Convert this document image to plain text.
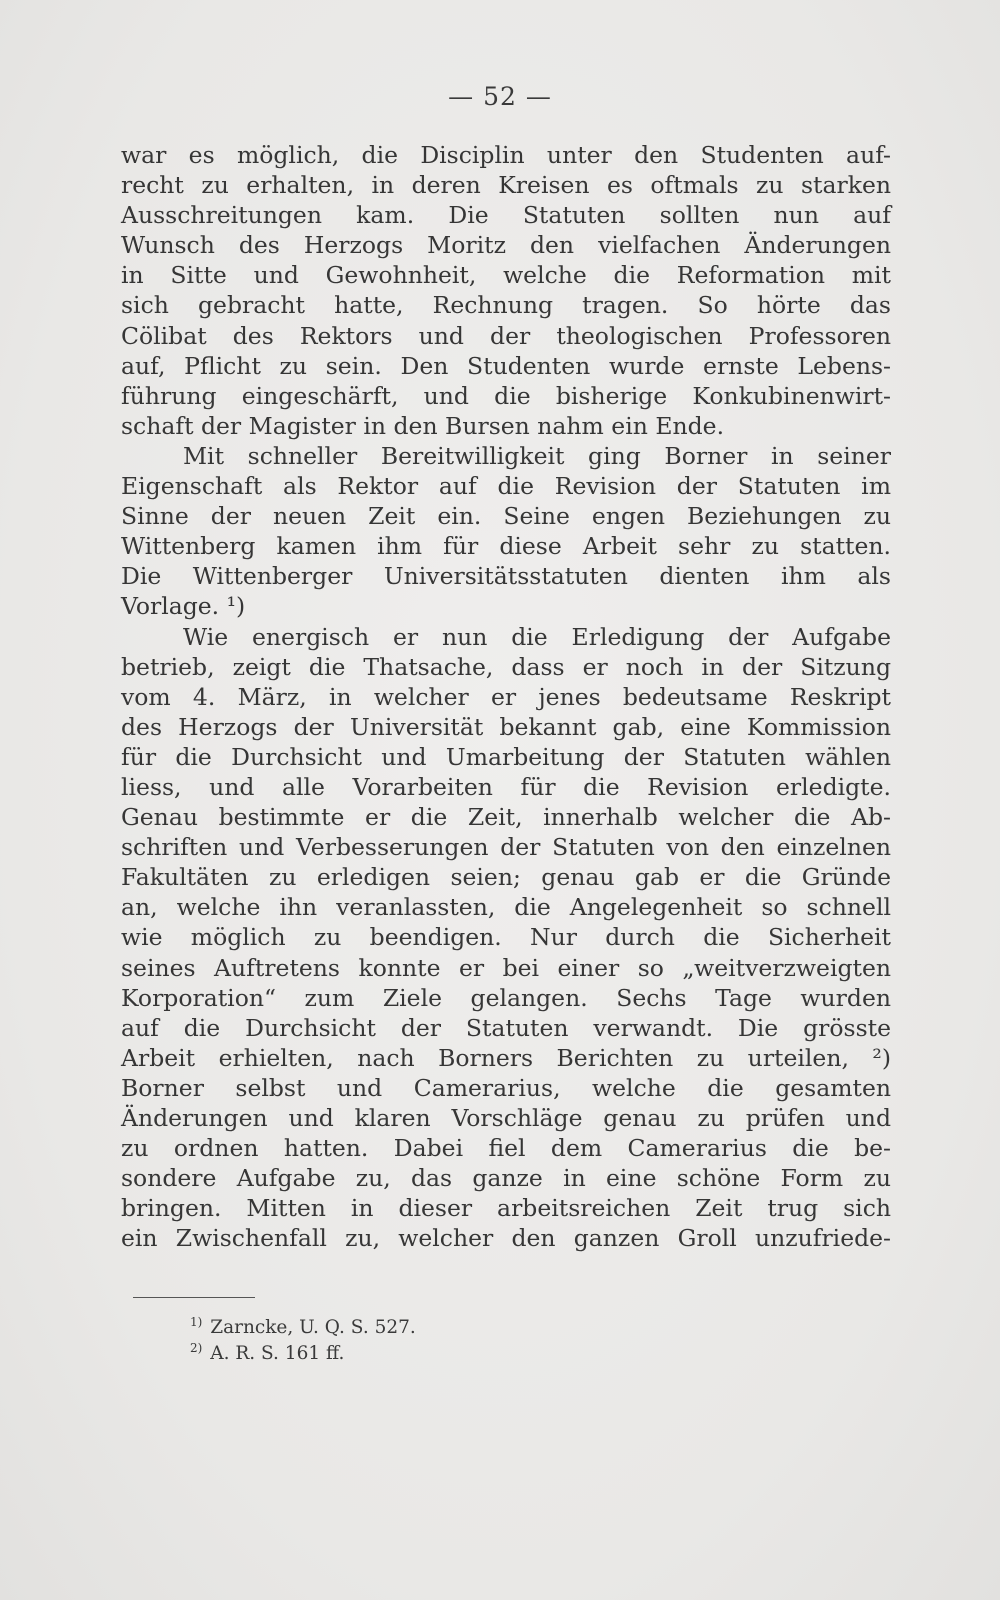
— 52 —
war es möglich, die Disciplin unter den Studenten auf-
recht zu erhalten, in deren Kreisen es oftmals zu starken
Ausschreitungen kam. Die Statuten sollten nun auf
Wunsch des Herzogs Moritz den vielfachen Änderungen
in Sitte und Gewohnheit, welche die Reformation mit
sich gebracht hatte, Rechnung tragen. So hörte das
Cölibat des Rektors und der theologischen Professoren
auf, Pflicht zu sein. Den Studenten wurde ernste Lebens-
führung eingeschärft, und die bisherige Konkubinenwirt-
schaft der Magister in den Bursen nahm ein Ende.
Mit schneller Bereitwilligkeit ging Borner in seiner
Eigenschaft als Rektor auf die Revision der Statuten im
Sinne der neuen Zeit ein. Seine engen Beziehungen zu
Wittenberg kamen ihm für diese Arbeit sehr zu statten.
Die Wittenberger Universitätsstatuten dienten ihm als
Vorlage. ¹)
Wie energisch er nun die Erledigung der Aufgabe
betrieb, zeigt die Thatsache, dass er noch in der Sitzung
vom 4. März, in welcher er jenes bedeutsame Reskript
des Herzogs der Universität bekannt gab, eine Kommission
für die Durchsicht und Umarbeitung der Statuten wählen
liess, und alle Vorarbeiten für die Revision erledigte.
Genau bestimmte er die Zeit, innerhalb welcher die Ab-
schriften und Verbesserungen der Statuten von den einzelnen
Fakultäten zu erledigen seien; genau gab er die Gründe
an, welche ihn veranlassten, die Angelegenheit so schnell
wie möglich zu beendigen. Nur durch die Sicherheit
seines Auftretens konnte er bei einer so „weitverzweigten
Korporation“ zum Ziele gelangen. Sechs Tage wurden
auf die Durchsicht der Statuten verwandt. Die grösste
Arbeit erhielten, nach Borners Berichten zu urteilen, ²)
Borner selbst und Camerarius, welche die gesamten
Änderungen und klaren Vorschläge genau zu prüfen und
zu ordnen hatten. Dabei fiel dem Camerarius die be-
sondere Aufgabe zu, das ganze in eine schöne Form zu
bringen. Mitten in dieser arbeitsreichen Zeit trug sich
ein Zwischenfall zu, welcher den ganzen Groll unzufriede-
$^{1)}$ Zarncke, U. Q. S. 527.
$^{2)}$ A. R. S. 161 ff.
